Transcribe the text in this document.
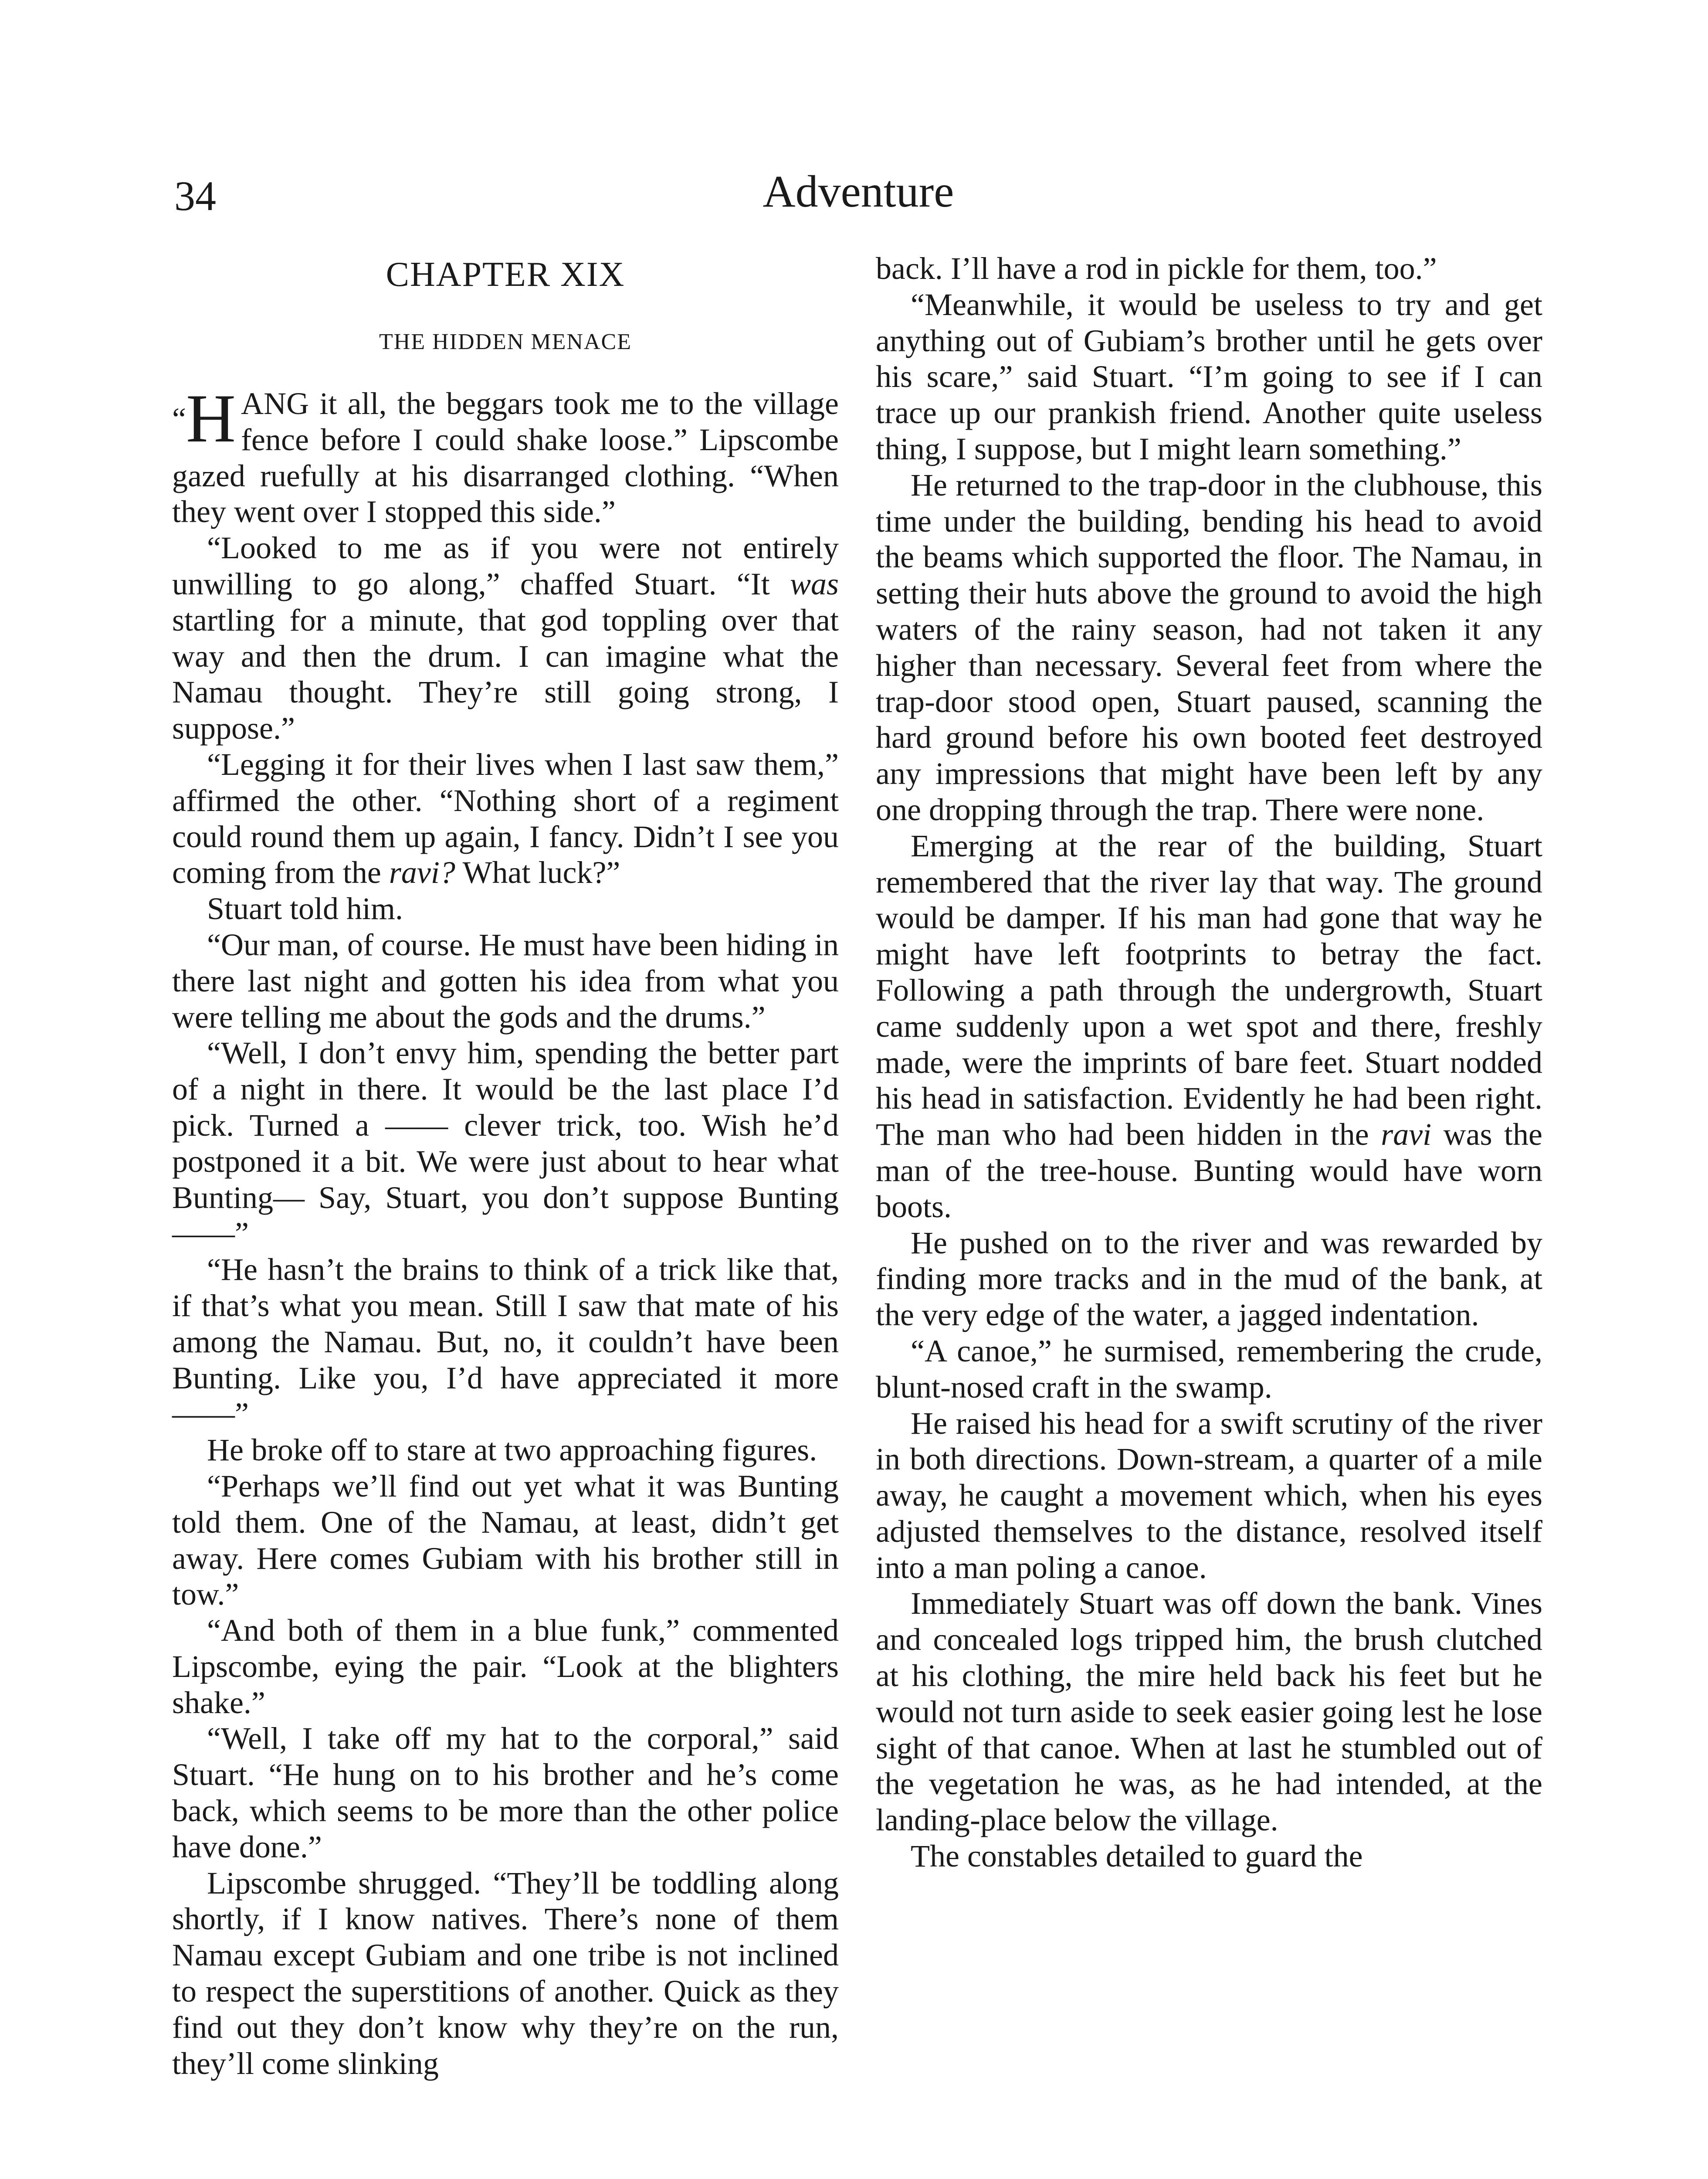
34	Adventure
CHAPTER XIX
THE HIDDEN MENACE

“H ANG it all, the beggars took me to the village fence before I could shake loose.” Lipscombe gazed ruefully at his disarranged clothing. “When they went over I stopped this side.”

“Looked to me as if you were not entirely unwilling to go along,” chaffed Stuart. “It was startling for a minute, that god toppling over that way and then the drum. I can imagine what the Namau thought. They’re still going strong, I suppose.”

“Legging it for their lives when I last saw them,” affirmed the other. “Nothing short of a regiment could round them up again, I fancy. Didn’t I see you coming from the ravi? What luck?”

Stuart told him.

“Our man, of course. He must have been hiding in there last night and gotten his idea from what you were telling me about the gods and the drums.”

“Well, I don’t envy him, spending the better part of a night in there. It would be the last place I’d pick. Turned a —— clever trick, too. Wish he’d postponed it a bit. We were just about to hear what Bunting— Say, Stuart, you don’t suppose Bunting——”

“He hasn’t the brains to think of a trick like that, if that’s what you mean. Still I saw that mate of his among the Namau. But, no, it couldn’t have been Bunting. Like you, I’d have appreciated it more——”

He broke off to stare at two approaching figures.

“Perhaps we’ll find out yet what it was Bunting told them. One of the Namau, at least, didn’t get away. Here comes Gubiam with his brother still in tow.”

“And both of them in a blue funk,” commented Lipscombe, eying the pair. “Look at the blighters shake.”

“Well, I take off my hat to the corporal,” said Stuart. “He hung on to his brother and he’s come back, which seems to be more than the other police have done.”

Lipscombe shrugged. “They’ll be toddling along shortly, if I know natives. There’s none of them Namau except Gubiam and one tribe is not inclined to respect the superstitions of another. Quick as they find out they don’t know why they’re on the run, they’ll come slinking

back. I’ll have a rod in pickle for them, too.”

“Meanwhile, it would be useless to try and get anything out of Gubiam’s brother until he gets over his scare,” said Stuart. “I’m going to see if I can trace up our prankish friend. Another quite useless thing, I suppose, but I might learn something.”

He returned to the trap-door in the clubhouse, this time under the building, bending his head to avoid the beams which supported the floor. The Namau, in setting their huts above the ground to avoid the high waters of the rainy season, had not taken it any higher than necessary. Several feet from where the trap-door stood open, Stuart paused, scanning the hard ground before his own booted feet destroyed any impressions that might have been left by any one dropping through the trap. There were none.

Emerging at the rear of the building, Stuart remembered that the river lay that way. The ground would be damper. If his man had gone that way he might have left footprints to betray the fact. Following a path through the undergrowth, Stuart came suddenly upon a wet spot and there, freshly made, were the imprints of bare feet. Stuart nodded his head in satisfaction. Evidently he had been right. The man who had been hidden in the ravi was the man of the tree-house. Bunting would have worn boots.

He pushed on to the river and was rewarded by finding more tracks and in the mud of the bank, at the very edge of the water, a jagged indentation.

“A canoe,” he surmised, remembering the crude, blunt-nosed craft in the swamp.

He raised his head for a swift scrutiny of the river in both directions. Down-stream, a quarter of a mile away, he caught a movement which, when his eyes adjusted themselves to the distance, resolved itself into a man poling a canoe.

Immediately Stuart was off down the bank. Vines and concealed logs tripped him, the brush clutched at his clothing, the mire held back his feet but he would not turn aside to seek easier going lest he lose sight of that canoe. When at last he stumbled out of the vegetation he was, as he had intended, at the landing-place below the village.

The constables detailed to guard the
